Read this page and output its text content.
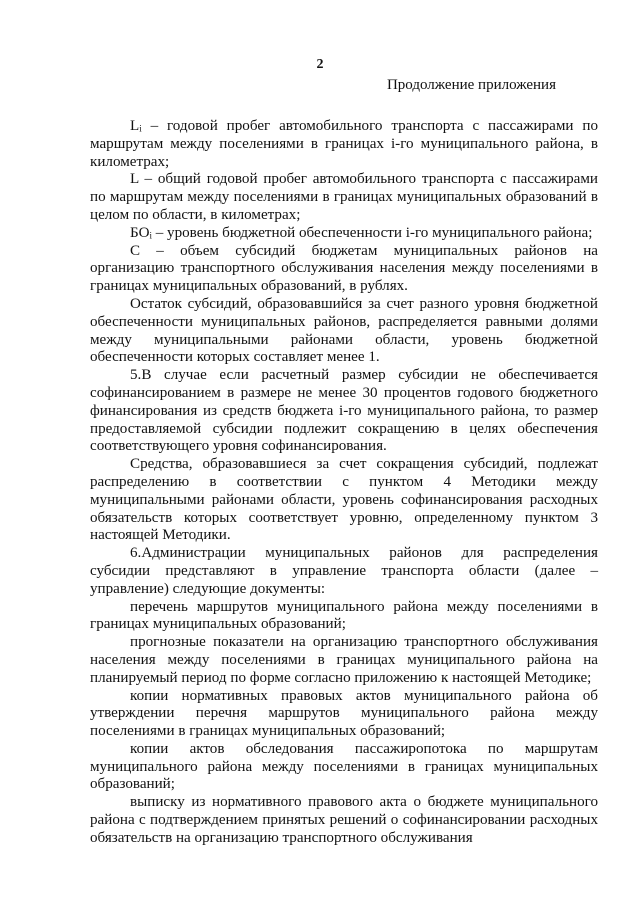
2
Продолжение приложения

Lᵢ – годовой пробег автомобильного транспорта с пассажирами по маршрутам между поселениями в границах i-го муниципального района, в километрах;

L – общий годовой пробег автомобильного транспорта с пассажирами по маршрутам между поселениями в границах муниципальных образований в целом по области, в километрах;

БОᵢ – уровень бюджетной обеспеченности i-го муниципального района;

С – объем субсидий бюджетам муниципальных районов на организацию транспортного обслуживания населения между поселениями в границах муниципальных образований, в рублях.

Остаток субсидий, образовавшийся за счет разного уровня бюджетной обеспеченности муниципальных районов, распределяется равными долями между муниципальными районами области, уровень бюджетной обеспеченности которых составляет менее 1.

5.В случае если расчетный размер субсидии не обеспечивается софинансированием в размере не менее 30 процентов годового бюджетного финансирования из средств бюджета i-го муниципального района, то размер предоставляемой субсидии подлежит сокращению в целях обеспечения соответствующего уровня софинансирования.

Средства, образовавшиеся за счет сокращения субсидий, подлежат распределению в соответствии с пунктом 4 Методики между муниципальными районами области, уровень софинансирования расходных обязательств которых соответствует уровню, определенному пунктом 3 настоящей Методики.

6.Администрации муниципальных районов для распределения субсидии представляют в управление транспорта области (далее – управление) следующие документы:

перечень маршрутов муниципального района между поселениями в границах муниципальных образований;

прогнозные показатели на организацию транспортного обслуживания населения между поселениями в границах муниципального района на планируемый период по форме согласно приложению к настоящей Методике;

копии нормативных правовых актов муниципального района об утверждении перечня маршрутов муниципального района между поселениями в границах муниципальных образований;

копии актов обследования пассажиропотока по маршрутам муниципального района между поселениями в границах муниципальных образований;

выписку из нормативного правового акта о бюджете муниципального района с подтверждением принятых решений о софинансировании расходных обязательств на организацию транспортного обслуживания
